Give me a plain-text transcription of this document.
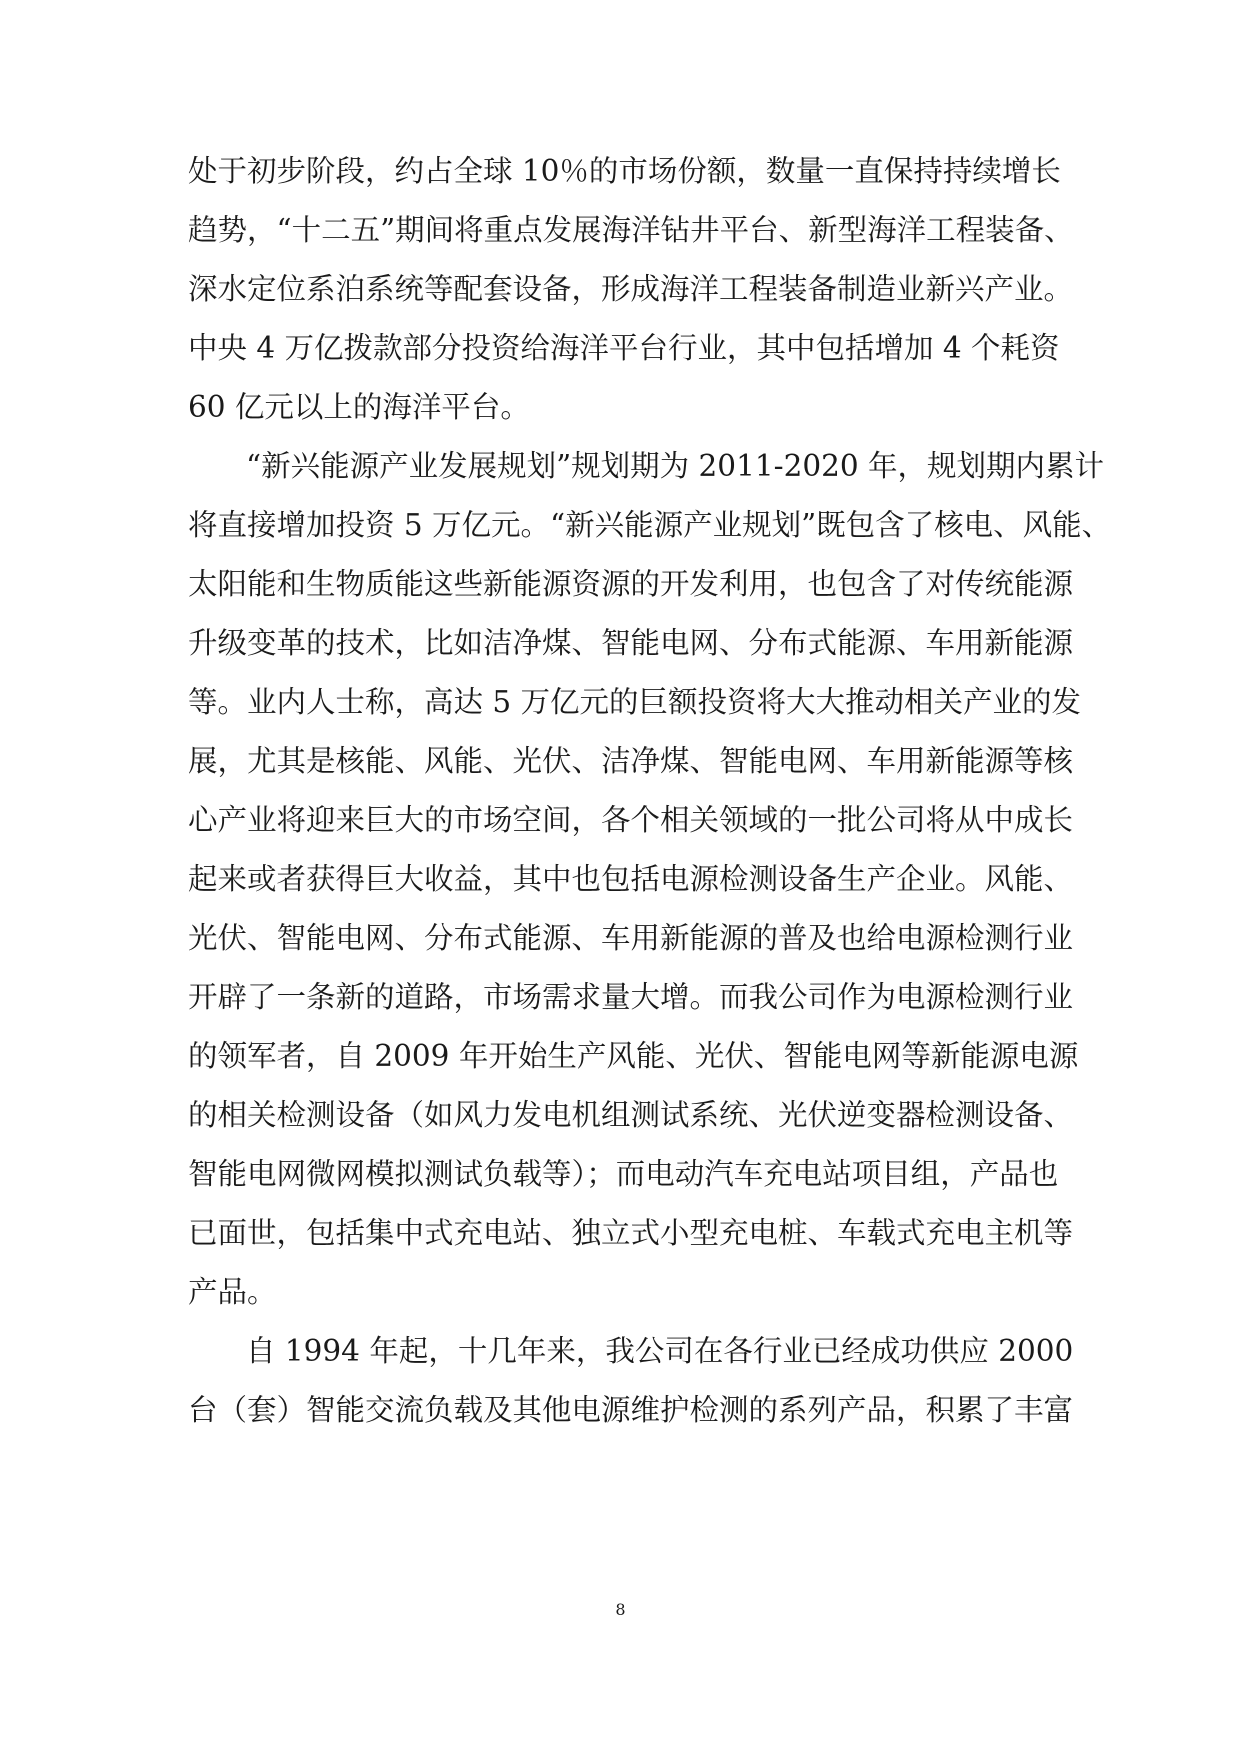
处于初步阶段，约占全球 10％的市场份额，数量一直保持持续增长
趋势，“十二五”期间将重点发展海洋钻井平台、新型海洋工程装备、
深水定位系泊系统等配套设备，形成海洋工程装备制造业新兴产业。
中央 4 万亿拨款部分投资给海洋平台行业，其中包括增加 4 个耗资
60 亿元以上的海洋平台。
“新兴能源产业发展规划”规划期为 2011-2020 年，规划期内累计
将直接增加投资 5 万亿元。“新兴能源产业规划”既包含了核电、风能、
太阳能和生物质能这些新能源资源的开发利用，也包含了对传统能源
升级变革的技术，比如洁净煤、智能电网、分布式能源、车用新能源
等。业内人士称，高达 5 万亿元的巨额投资将大大推动相关产业的发
展，尤其是核能、风能、光伏、洁净煤、智能电网、车用新能源等核
心产业将迎来巨大的市场空间，各个相关领域的一批公司将从中成长
起来或者获得巨大收益，其中也包括电源检测设备生产企业。风能、
光伏、智能电网、分布式能源、车用新能源的普及也给电源检测行业
开辟了一条新的道路，市场需求量大增。而我公司作为电源检测行业
的领军者，自 2009 年开始生产风能、光伏、智能电网等新能源电源
的相关检测设备（如风力发电机组测试系统、光伏逆变器检测设备、
智能电网微网模拟测试负载等）；而电动汽车充电站项目组，产品也
已面世，包括集中式充电站、独立式小型充电桩、车载式充电主机等
产品。
自 1994 年起，十几年来，我公司在各行业已经成功供应 2000
台（套）智能交流负载及其他电源维护检测的系列产品，积累了丰富
8
